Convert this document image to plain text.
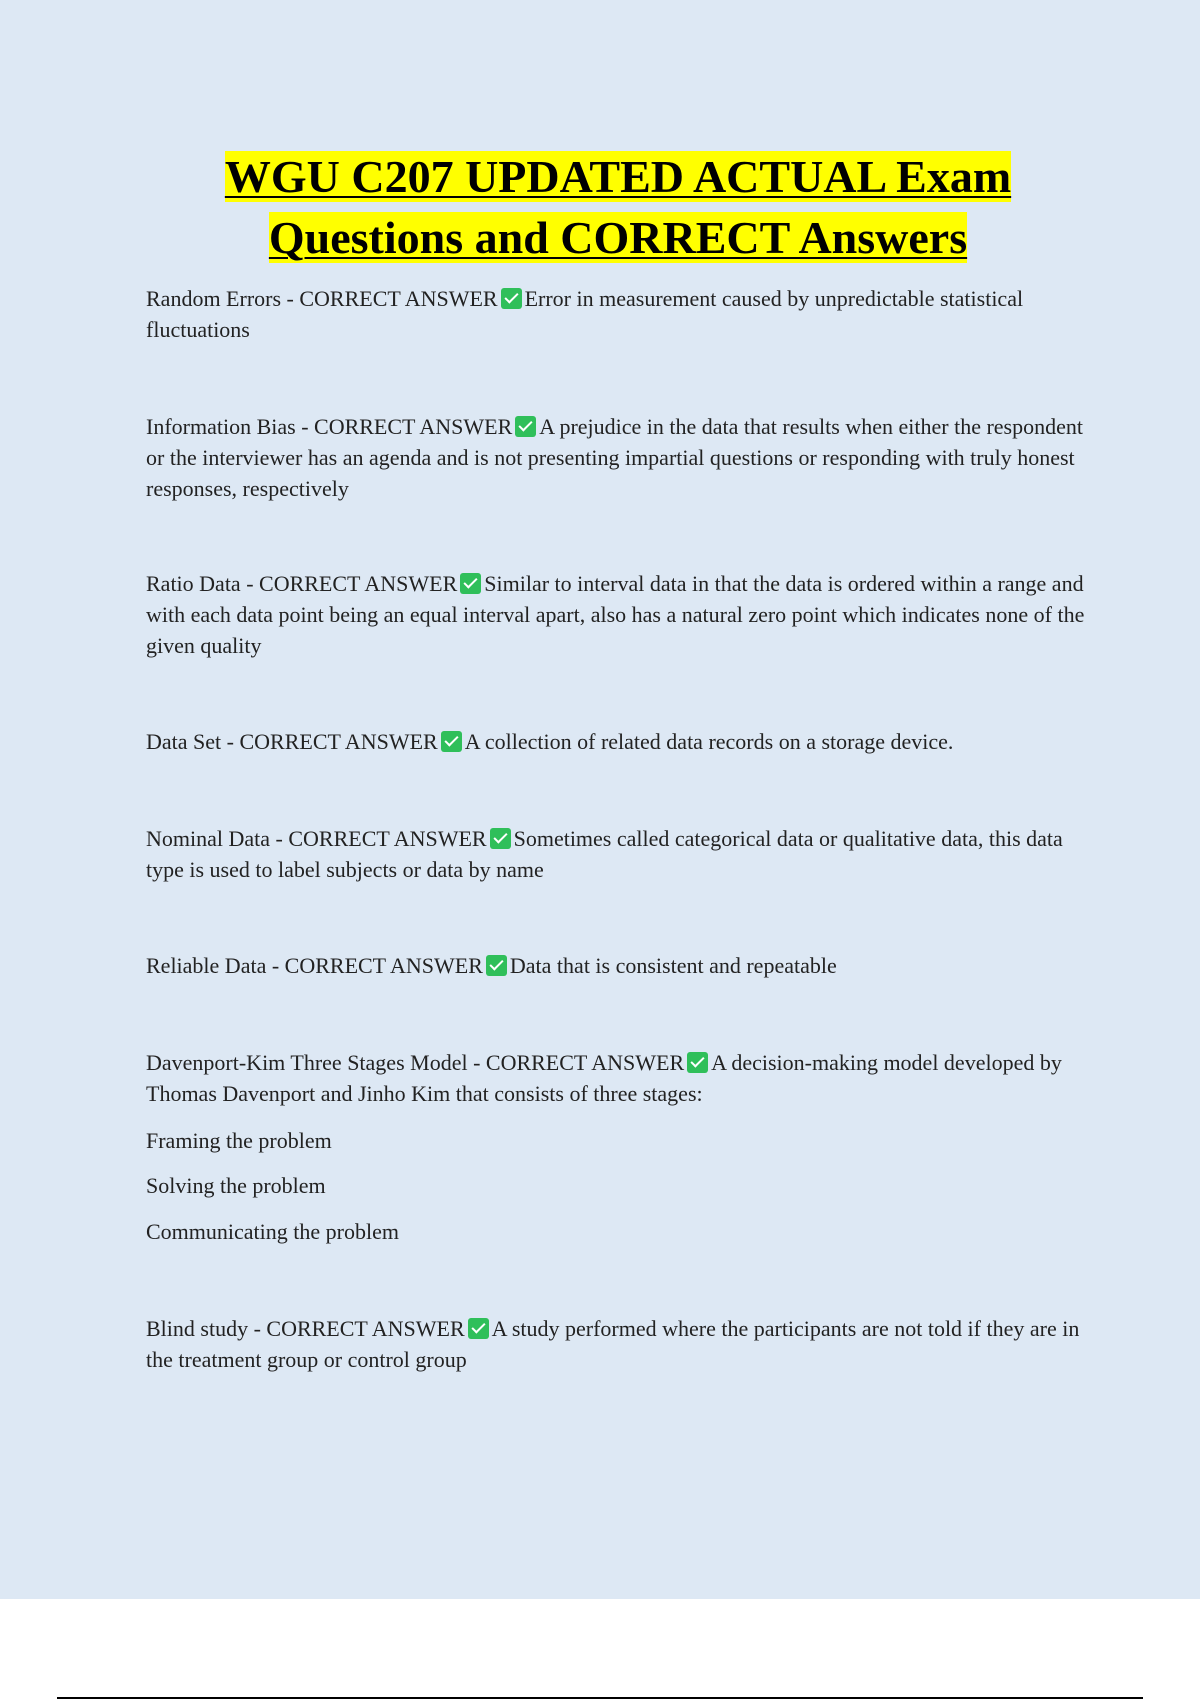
WGU C207 UPDATED ACTUAL Exam
Questions and CORRECT Answers

Random Errors - CORRECT ANSWER Error in measurement caused by unpredictable statistical fluctuations

Information Bias - CORRECT ANSWER A prejudice in the data that results when either the respondent or the interviewer has an agenda and is not presenting impartial questions or responding with truly honest responses, respectively

Ratio Data - CORRECT ANSWER Similar to interval data in that the data is ordered within a range and with each data point being an equal interval apart, also has a natural zero point which indicates none of the given quality

Data Set - CORRECT ANSWER A collection of related data records on a storage device.

Nominal Data - CORRECT ANSWER Sometimes called categorical data or qualitative data, this data type is used to label subjects or data by name

Reliable Data - CORRECT ANSWER Data that is consistent and repeatable

Davenport-Kim Three Stages Model - CORRECT ANSWER A decision-making model developed by Thomas Davenport and Jinho Kim that consists of three stages:

Framing the problem

Solving the problem

Communicating the problem

Blind study - CORRECT ANSWER A study performed where the participants are not told if they are in the treatment group or control group
